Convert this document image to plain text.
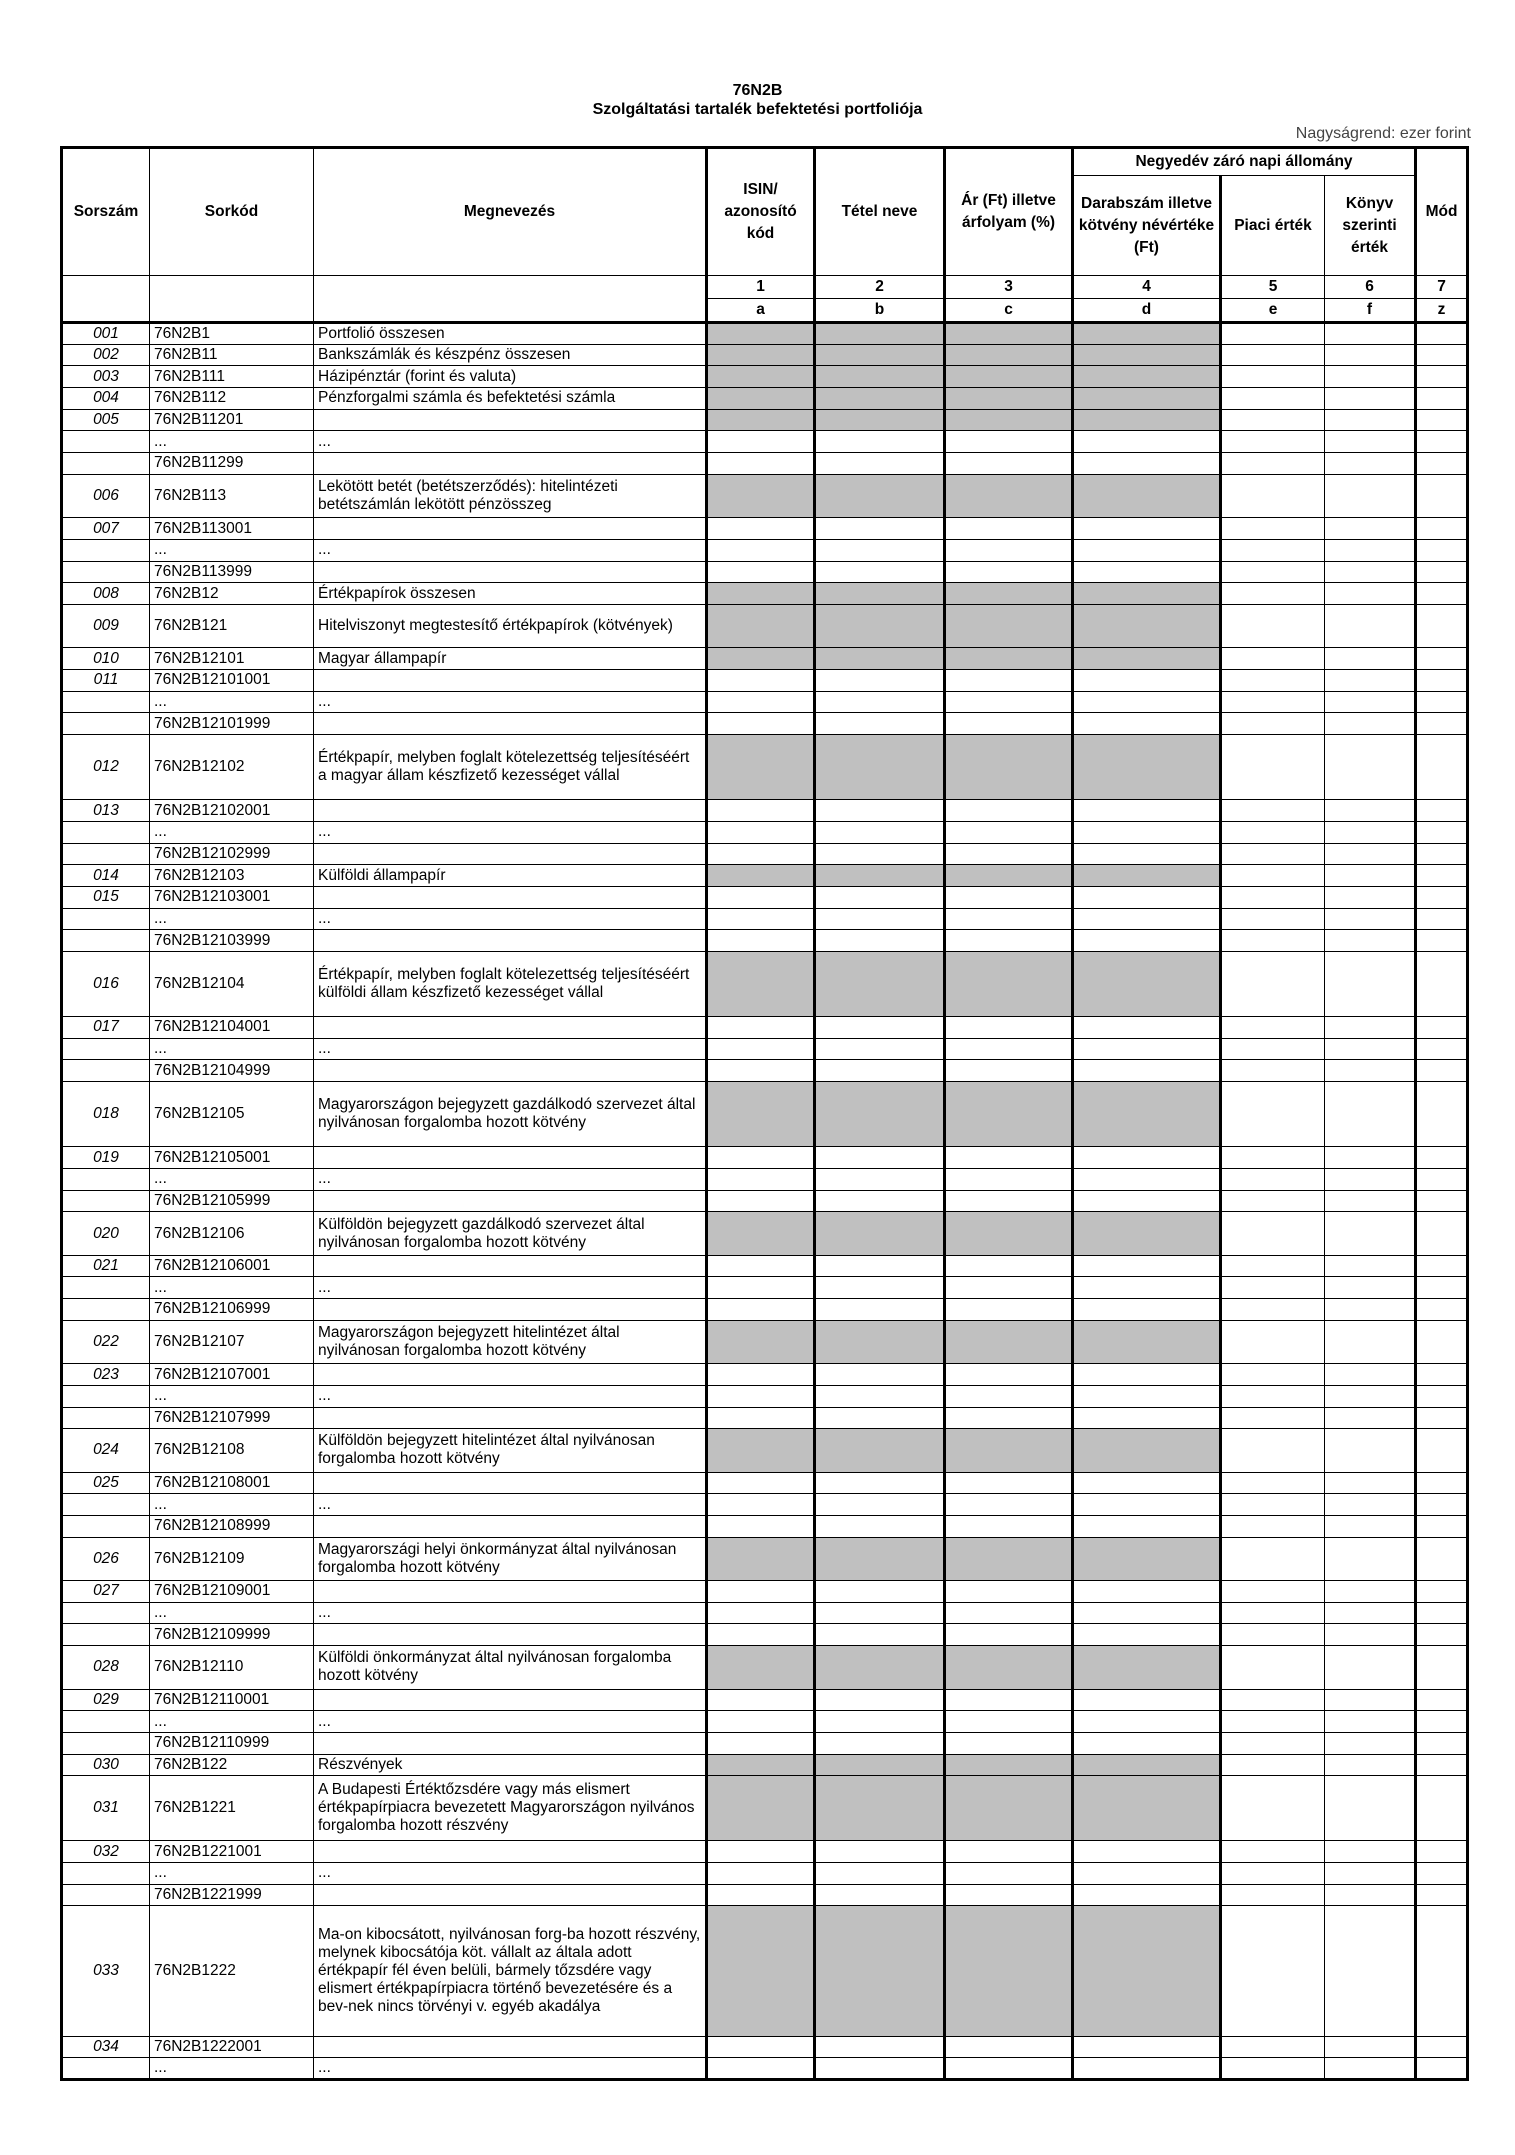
76N2B
Szolgáltatási tartalék befektetési portfoliója
Nagyságrend: ezer forint
Sorszám	Sorkód	Megnevezés	ISIN/ azonosító kód	Tétel neve	Ár (Ft) illetve árfolyam (%)	Negyedév záró napi állomány			Mód
						Darabszám illetve kötvény névértéke (Ft)	Piaci érték	Könyv szerinti érték	
			1	2	3	4	5	6	7
			a	b	c	d	e	f	z
001	76N2B1	Portfolió összesen							
002	76N2B11	Bankszámlák és készpénz összesen							
003	76N2B111	Házipénztár (forint és valuta)							
004	76N2B112	Pénzforgalmi számla és befektetési számla							
005	76N2B11201								
	...	...							
	76N2B11299								
006	76N2B113	Lekötött betét (betétszerződés): hitelintézeti betétszámlán lekötött pénzösszeg							
007	76N2B113001								
	...	...							
	76N2B113999								
008	76N2B12	Értékpapírok összesen							
009	76N2B121	Hitelviszonyt megtestesítő értékpapírok (kötvények)							
010	76N2B12101	Magyar állampapír							
011	76N2B12101001								
	...	...							
	76N2B12101999								
012	76N2B12102	Értékpapír, melyben foglalt kötelezettség teljesítéséért a magyar állam készfizető kezességet vállal							
013	76N2B12102001								
	...	...							
	76N2B12102999								
014	76N2B12103	Külföldi állampapír							
015	76N2B12103001								
	...	...							
	76N2B12103999								
016	76N2B12104	Értékpapír, melyben foglalt kötelezettség teljesítéséért külföldi állam készfizető kezességet vállal							
017	76N2B12104001								
	...	...							
	76N2B12104999								
018	76N2B12105	Magyarországon bejegyzett gazdálkodó szervezet által nyilvánosan forgalomba hozott kötvény							
019	76N2B12105001								
	...	...							
	76N2B12105999								
020	76N2B12106	Külföldön bejegyzett gazdálkodó szervezet által nyilvánosan forgalomba hozott kötvény							
021	76N2B12106001								
	...	...							
	76N2B12106999								
022	76N2B12107	Magyarországon bejegyzett hitelintézet által nyilvánosan forgalomba hozott kötvény							
023	76N2B12107001								
	...	...							
	76N2B12107999								
024	76N2B12108	Külföldön bejegyzett hitelintézet által nyilvánosan forgalomba hozott kötvény							
025	76N2B12108001								
	...	...							
	76N2B12108999								
026	76N2B12109	Magyarországi helyi önkormányzat által nyilvánosan forgalomba hozott kötvény							
027	76N2B12109001								
	...	...							
	76N2B12109999								
028	76N2B12110	Külföldi önkormányzat által nyilvánosan forgalomba hozott kötvény							
029	76N2B12110001								
	...	...							
	76N2B12110999								
030	76N2B122	Részvények							
031	76N2B1221	A Budapesti Értéktőzsdére vagy más elismert értékpapírpiacra bevezetett Magyarországon nyilvános forgalomba hozott részvény							
032	76N2B1221001								
	...	...							
	76N2B1221999								
033	76N2B1222	Ma-on kibocsátott, nyilvánosan forg-ba hozott részvény, melynek kibocsátója köt. vállalt az általa adott értékpapír fél éven belüli, bármely tőzsdére vagy elismert értékpapírpiacra történő bevezetésére és a bev-nek nincs törvényi v. egyéb akadálya							
034	76N2B1222001								
	...	...							
